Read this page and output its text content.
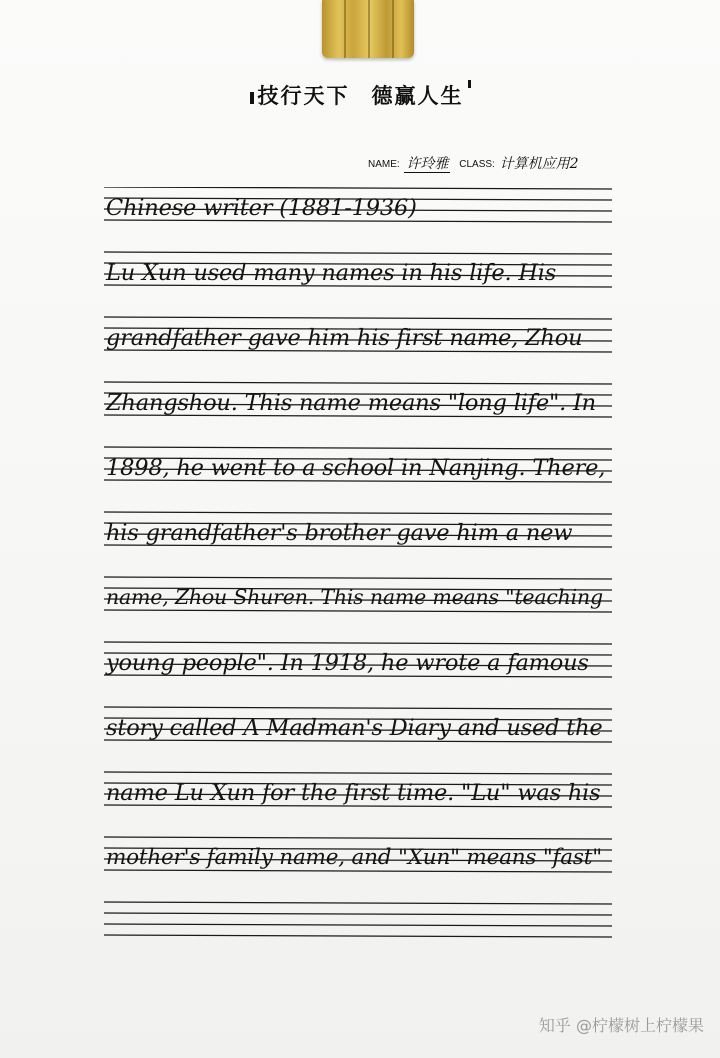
技行天下 德赢人生
NAME: 许玲雅 CLASS: 计算机应用2
Chinese writer (1881-1936)
Lu Xun used many names in his life. His
grandfather gave him his first name, Zhou
Zhangshou. This name means "long life". In
1898, he went to a school in Nanjing. There,
his grandfather's brother gave him a new
name, Zhou Shuren. This name means "teaching
young people". In 1918, he wrote a famous
story called A Madman's Diary and used the
name Lu Xun for the first time. "Lu" was his
mother's family name, and "Xun" means "fast"
知乎 @柠檬树上柠檬果
